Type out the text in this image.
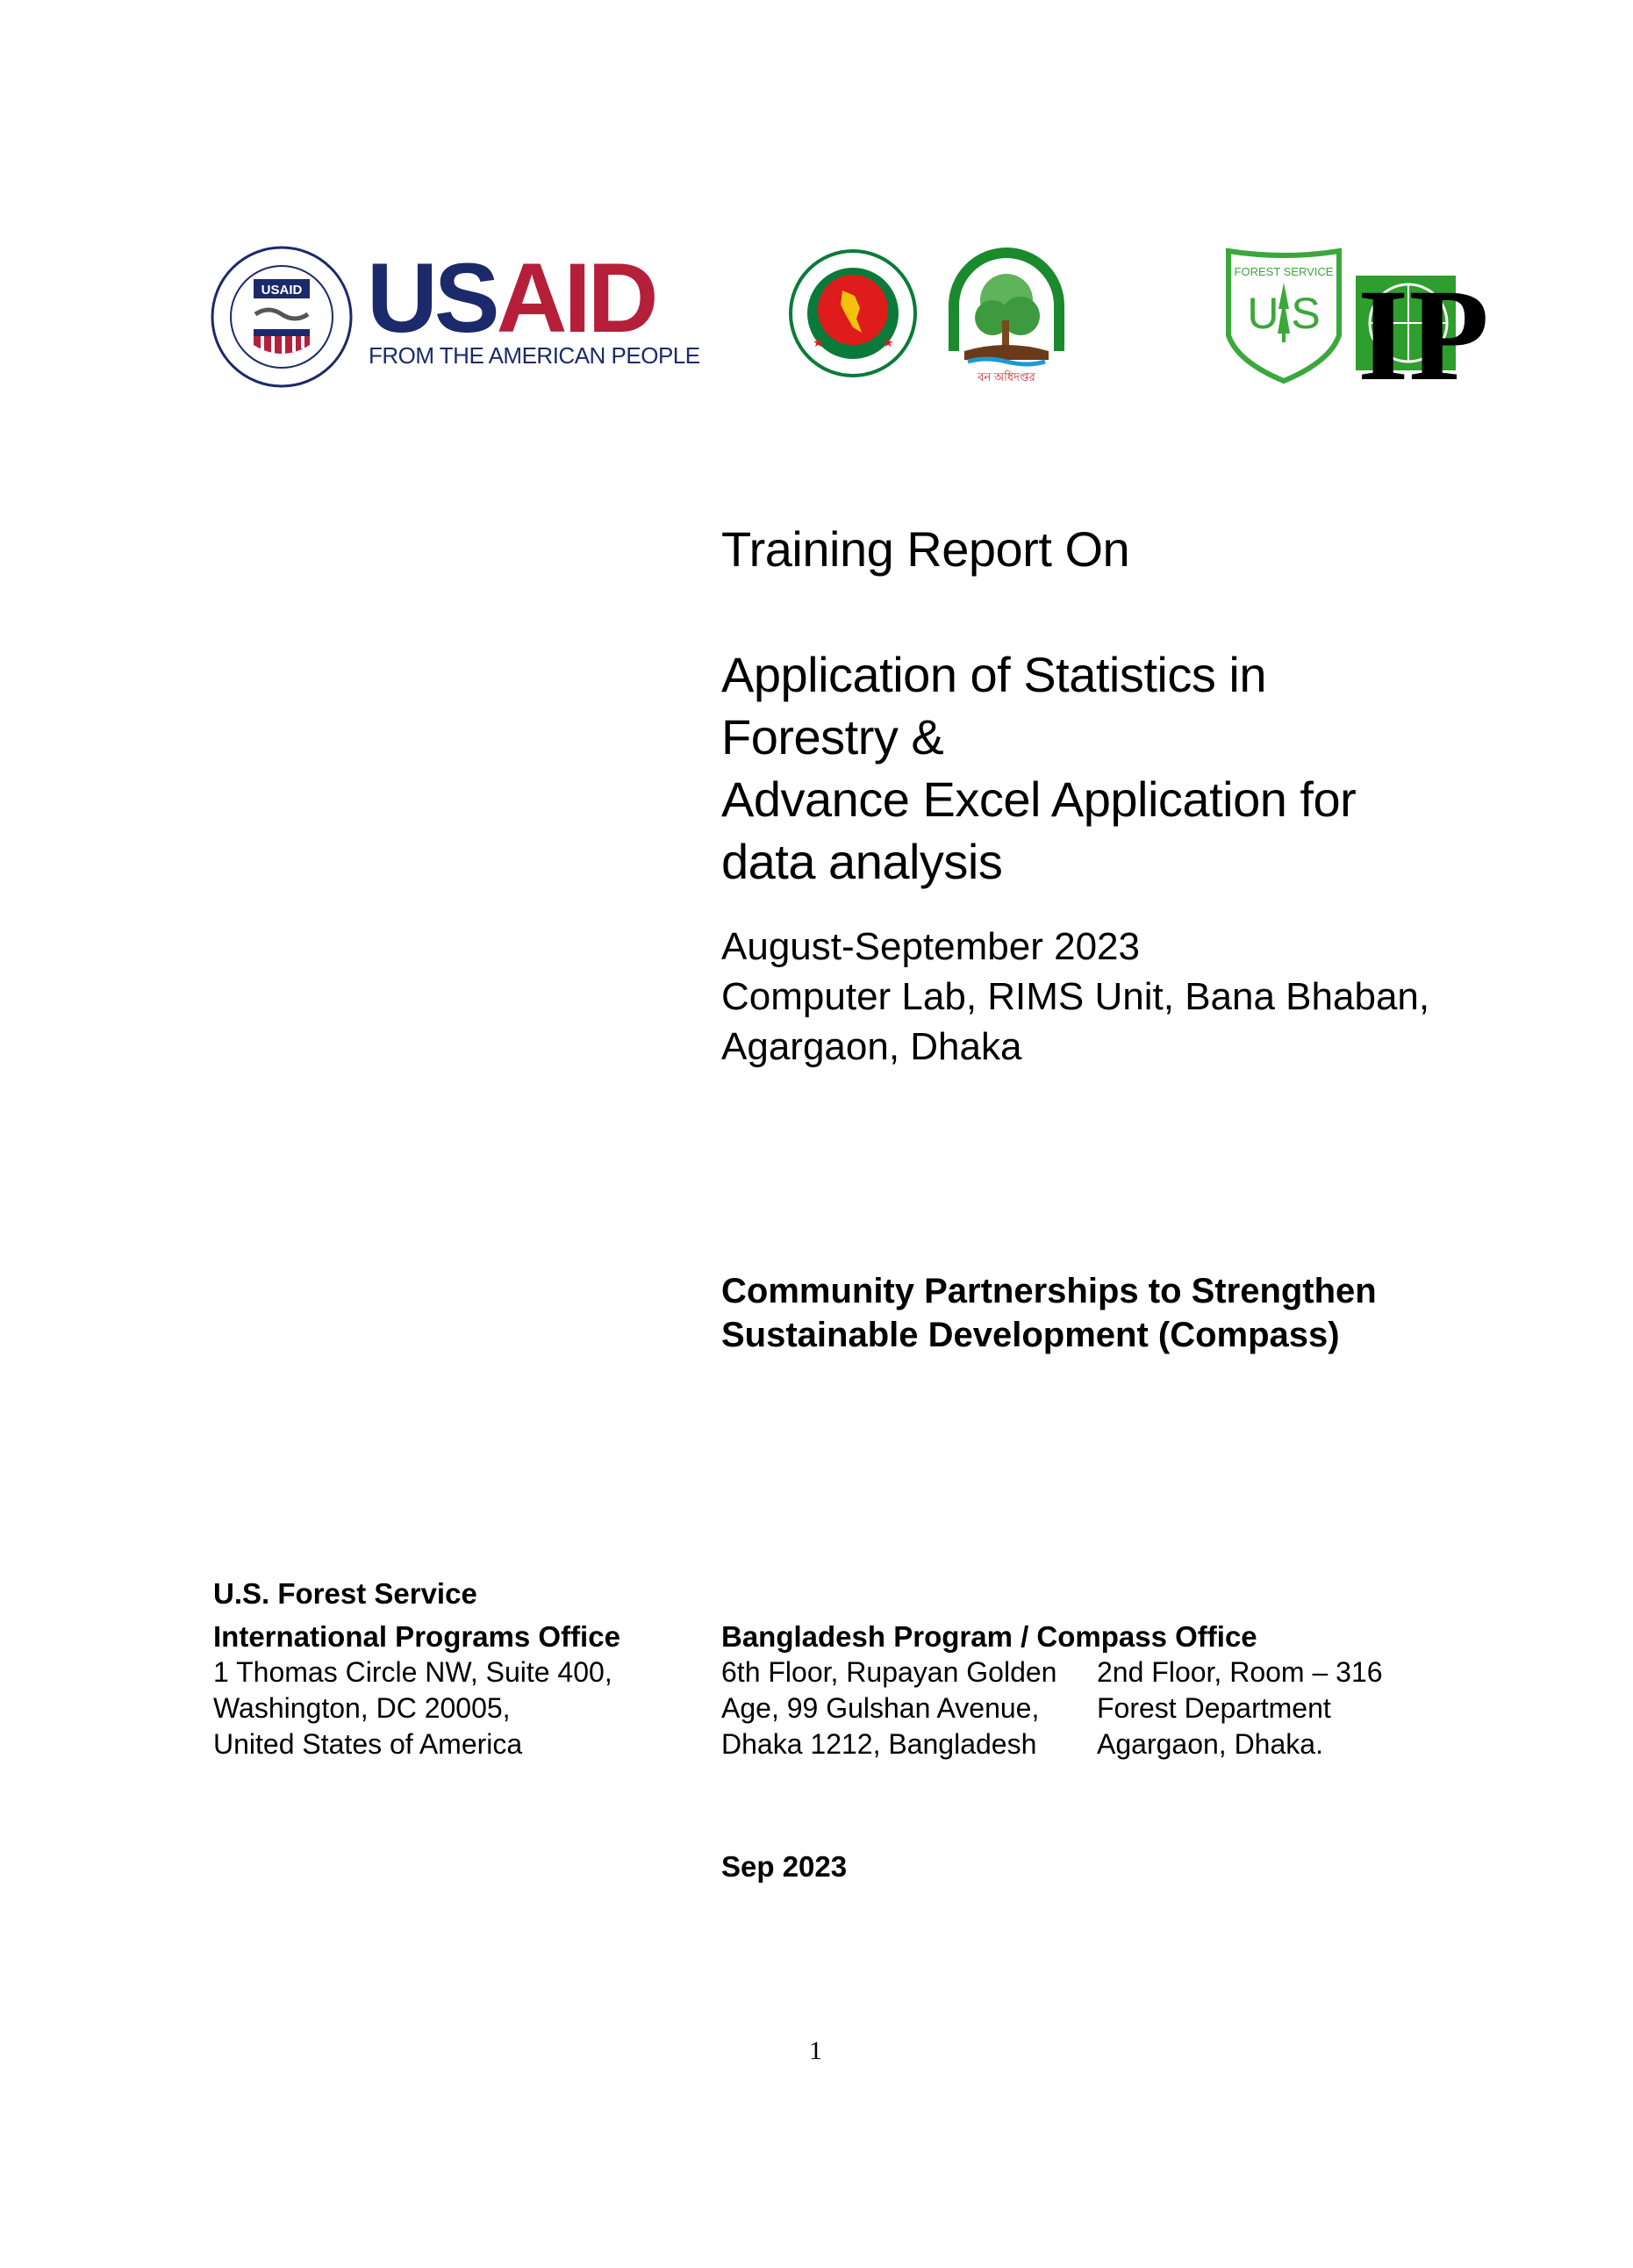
USAID USAID
FROM THE AMERICAN PEOPLE	★	★
বন অধিদপ্তর
FOREST SERVICE
U S IP
Training Report On
Application of Statistics in
Forestry &
Advance Excel Application for
data analysis
August-September 2023
Computer Lab, RIMS Unit, Bana Bhaban,
Agargaon, Dhaka
Community Partnerships to Strengthen
Sustainable Development (Compass)
U.S. Forest Service
International Programs Office
1 Thomas Circle NW, Suite 400,
Washington, DC 20005,
United States of America
Bangladesh Program / Compass Office
6th Floor, Rupayan Golden
Age, 99 Gulshan Avenue,
Dhaka 1212, Bangladesh
2nd Floor, Room – 316
Forest Department
Agargaon, Dhaka.
Sep 2023
1
